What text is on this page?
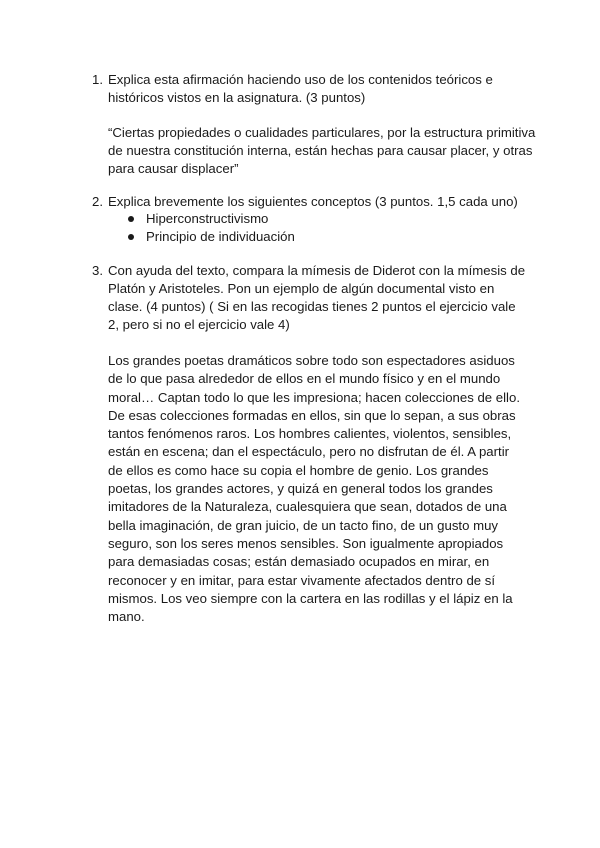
1. Explica esta afirmación haciendo uso de los contenidos teóricos e históricos vistos en la asignatura. (3 puntos)

“Ciertas propiedades o cualidades particulares, por la estructura primitiva de nuestra constitución interna, están hechas para causar placer, y otras para causar displacer”

2. Explica brevemente los siguientes conceptos (3 puntos. 1,5 cada uno)

Hiperconstructivismo
Principio de individuación
3. Con ayuda del texto, compara la mímesis de Diderot con la mímesis de Platón y Aristoteles. Pon un ejemplo de algún documental visto en clase. (4 puntos) ( Si en las recogidas tienes 2 puntos el ejercicio vale 2, pero si no el ejercicio vale 4)

Los grandes poetas dramáticos sobre todo son espectadores asiduos de lo que pasa alrededor de ellos en el mundo físico y en el mundo moral… Captan todo lo que les impresiona; hacen colecciones de ello. De esas colecciones formadas en ellos, sin que lo sepan, a sus obras tantos fenómenos raros. Los hombres calientes, violentos, sensibles, están en escena; dan el espectáculo, pero no disfrutan de él. A partir de ellos es como hace su copia el hombre de genio. Los grandes poetas, los grandes actores, y quizá en general todos los grandes imitadores de la Naturaleza, cualesquiera que sean, dotados de una bella imaginación, de gran juicio, de un tacto fino, de un gusto muy seguro, son los seres menos sensibles. Son igualmente apropiados para demasiadas cosas; están demasiado ocupados en mirar, en reconocer y en imitar, para estar vivamente afectados dentro de sí mismos. Los veo siempre con la cartera en las rodillas y el lápiz en la mano.
